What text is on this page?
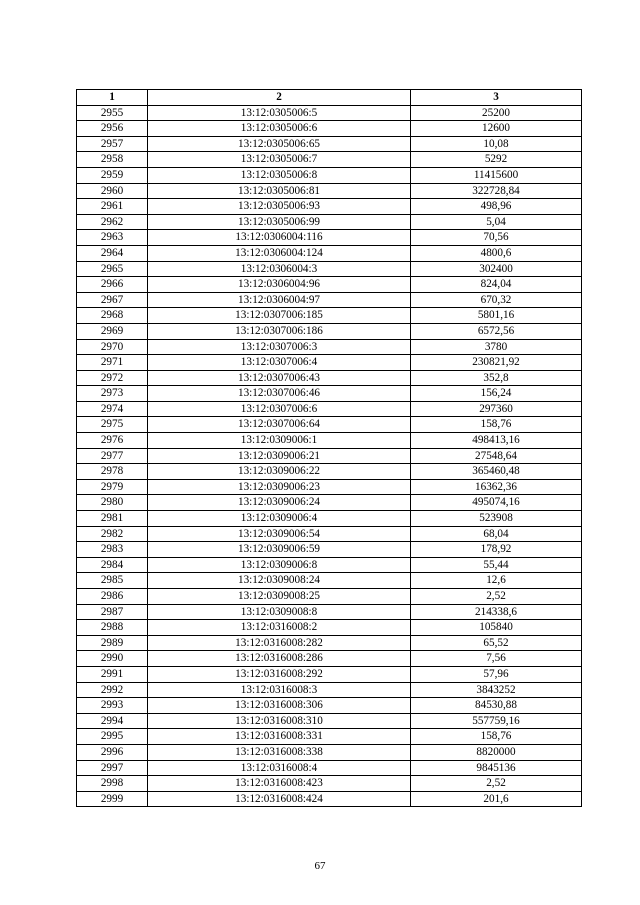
1	2	3
2955	13:12:0305006:5	25200
2956	13:12:0305006:6	12600
2957	13:12:0305006:65	10,08
2958	13:12:0305006:7	5292
2959	13:12:0305006:8	11415600
2960	13:12:0305006:81	322728,84
2961	13:12:0305006:93	498,96
2962	13:12:0305006:99	5,04
2963	13:12:0306004:116	70,56
2964	13:12:0306004:124	4800,6
2965	13:12:0306004:3	302400
2966	13:12:0306004:96	824,04
2967	13:12:0306004:97	670,32
2968	13:12:0307006:185	5801,16
2969	13:12:0307006:186	6572,56
2970	13:12:0307006:3	3780
2971	13:12:0307006:4	230821,92
2972	13:12:0307006:43	352,8
2973	13:12:0307006:46	156,24
2974	13:12:0307006:6	297360
2975	13:12:0307006:64	158,76
2976	13:12:0309006:1	498413,16
2977	13:12:0309006:21	27548,64
2978	13:12:0309006:22	365460,48
2979	13:12:0309006:23	16362,36
2980	13:12:0309006:24	495074,16
2981	13:12:0309006:4	523908
2982	13:12:0309006:54	68,04
2983	13:12:0309006:59	178,92
2984	13:12:0309006:8	55,44
2985	13:12:0309008:24	12,6
2986	13:12:0309008:25	2,52
2987	13:12:0309008:8	214338,6
2988	13:12:0316008:2	105840
2989	13:12:0316008:282	65,52
2990	13:12:0316008:286	7,56
2991	13:12:0316008:292	57,96
2992	13:12:0316008:3	3843252
2993	13:12:0316008:306	84530,88
2994	13:12:0316008:310	557759,16
2995	13:12:0316008:331	158,76
2996	13:12:0316008:338	8820000
2997	13:12:0316008:4	9845136
2998	13:12:0316008:423	2,52
2999	13:12:0316008:424	201,6
67
